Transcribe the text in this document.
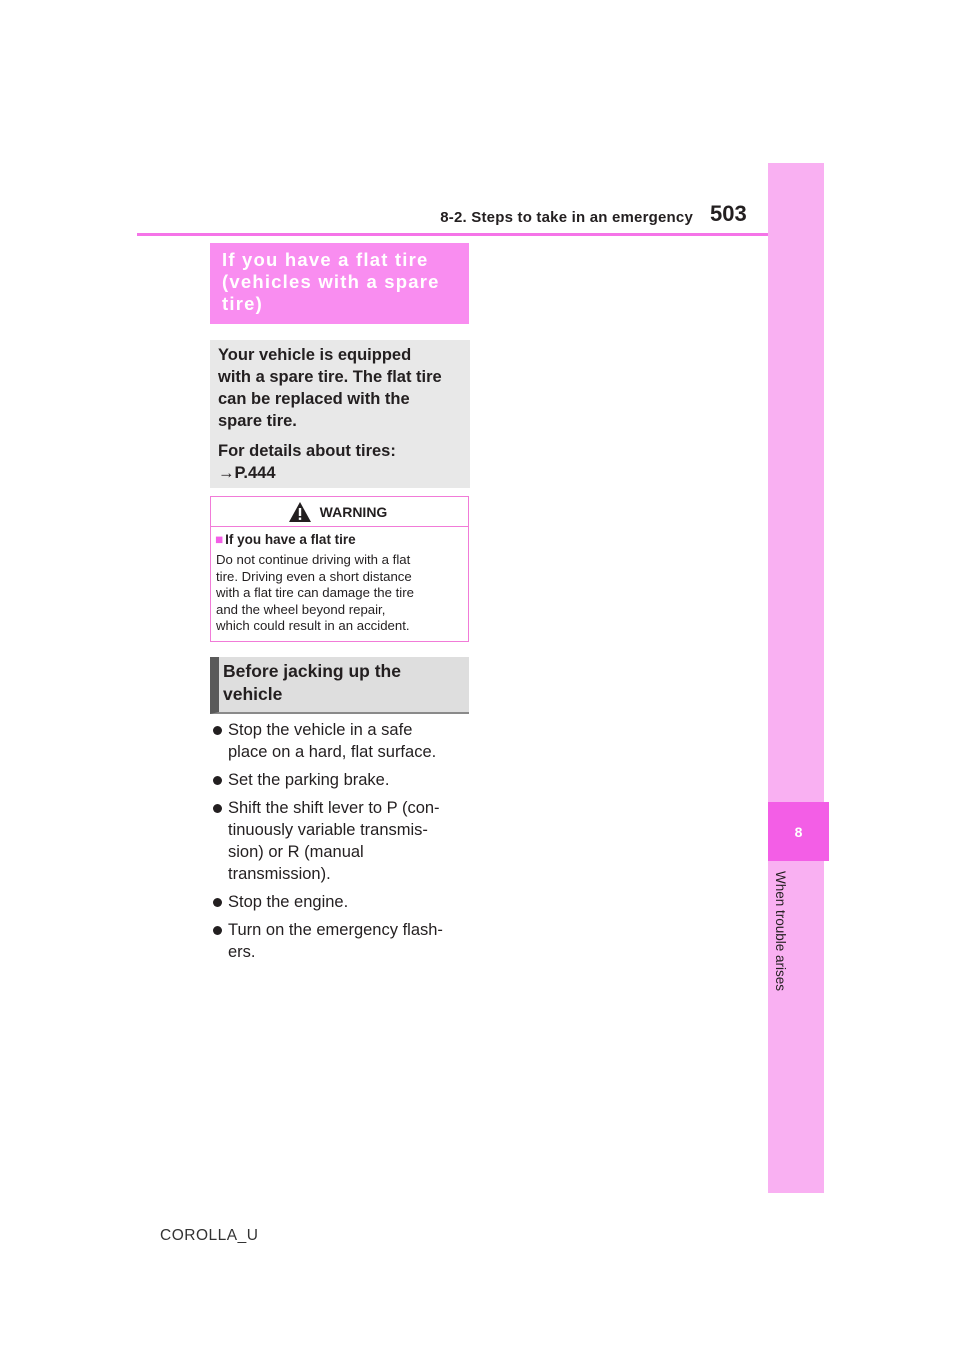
8
When trouble arises
8-2. Steps to take in an emergency 503
If you have a flat tire
(vehicles with a spare
tire)

Your vehicle is equipped

with a spare tire. The flat tire

can be replaced with the

spare tire.

For details about tires:

→P.444

WARNING
■ If you have a flat tire
Do not continue driving with a flat
tire. Driving even a short distance
with a flat tire can damage the tire
and the wheel beyond repair,
which could result in an accident.
Before jacking up the
vehicle
Stop the vehicle in a safe
place on a hard, flat surface.
Set the parking brake.
Shift the shift lever to P (con-
tinuously variable transmis-
sion) or R (manual
transmission).
Stop the engine.
Turn on the emergency flash-
ers.
COROLLA_U
